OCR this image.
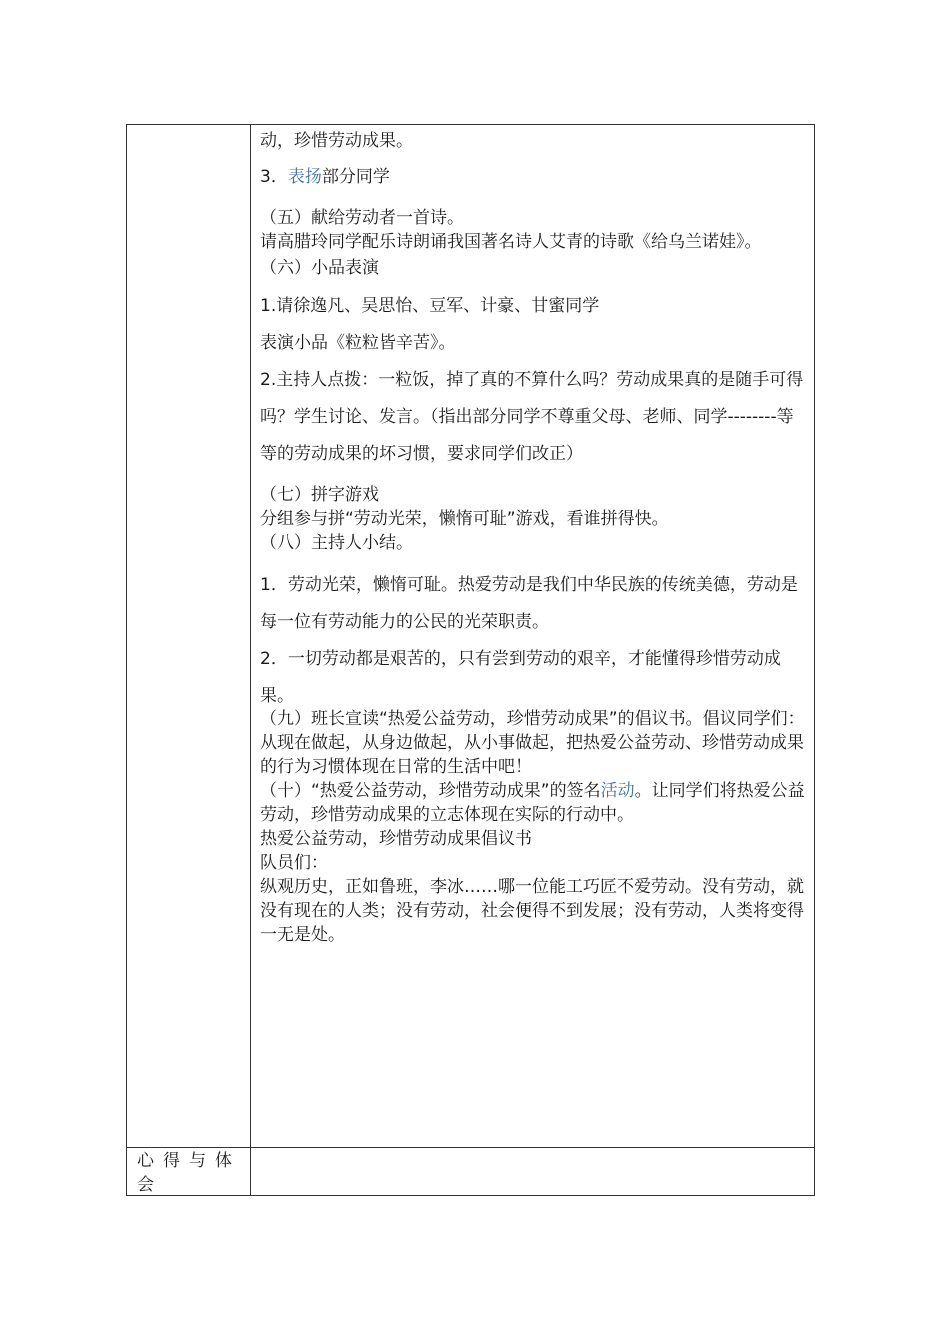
动，珍惜劳动成果。

3．表扬部分同学

（五）献给劳动者一首诗。

请高腊玲同学配乐诗朗诵我国著名诗人艾青的诗歌《给乌兰诺娃》。

（六）小品表演

1.请徐逸凡、吴思怡、豆军、计豪、甘蜜同学

表演小品《粒粒皆辛苦》。

2.主持人点拨：一粒饭，掉了真的不算什么吗？劳动成果真的是随手可得吗？学生讨论、发言。（指出部分同学不尊重父母、老师、同学--------等等的劳动成果的坏习惯，要求同学们改正）

（七）拼字游戏

分组参与拼“劳动光荣，懒惰可耻”游戏，看谁拼得快。

（八）主持人小结。

1．劳动光荣，懒惰可耻。热爱劳动是我们中华民族的传统美德，劳动是每一位有劳动能力的公民的光荣职责。

2．一切劳动都是艰苦的，只有尝到劳动的艰辛，才能懂得珍惜劳动成果。

（九）班长宣读“热爱公益劳动，珍惜劳动成果”的倡议书。倡议同学们：从现在做起，从身边做起，从小事做起，把热爱公益劳动、珍惜劳动成果的行为习惯体现在日常的生活中吧！

（十）“热爱公益劳动，珍惜劳动成果”的签名活动。让同学们将热爱公益劳动，珍惜劳动成果的立志体现在实际的行动中。

热爱公益劳动，珍惜劳动成果倡议书

队员们：

纵观历史，正如鲁班，李冰……哪一位能工巧匠不爱劳动。没有劳动，就没有现在的人类；没有劳动，社会便得不到发展；没有劳动，人类将变得一无是处。

心得与体会
